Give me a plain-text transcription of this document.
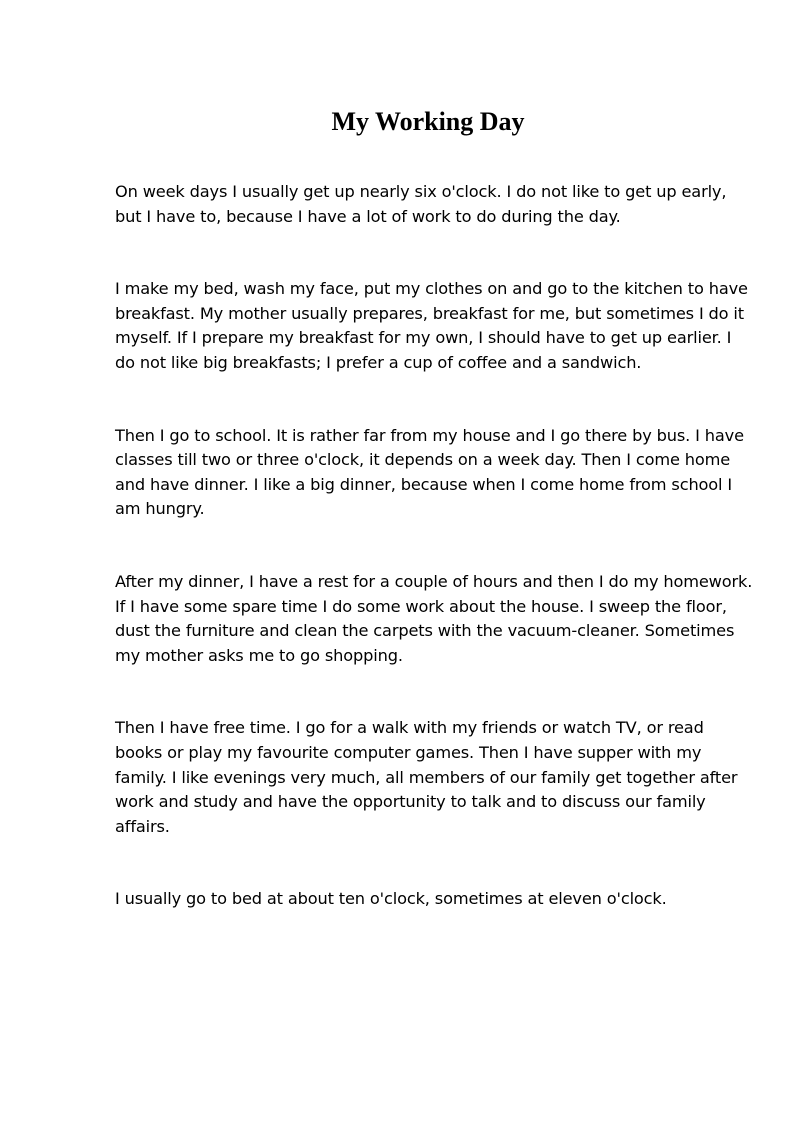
My Working Day

On week days I usually get up nearly six o'clock. I do not like to get up early, but I have to, because I have a lot of work to do during the day.

I make my bed, wash my face, put my clothes on and go to the kitchen to have breakfast. My mother usually prepares, breakfast for me, but sometimes I do it myself. If I prepare my breakfast for my own, I should have to get up earlier. I do not like big breakfasts; I prefer a cup of coffee and a sandwich.

Then I go to school. It is rather far from my house and I go there by bus. I have classes till two or three o'clock, it depends on a week day. Then I come home and have dinner. I like a big dinner, because when I come home from school I am hungry.

After my dinner, I have a rest for a couple of hours and then I do my homework. If I have some spare time I do some work about the house. I sweep the floor, dust the furniture and clean the carpets with the vacuum-cleaner. Sometimes my mother asks me to go shopping.

Then I have free time. I go for a walk with my friends or watch TV, or read books or play my favourite computer games. Then I have supper with my family. I like evenings very much, all members of our family get together after work and study and have the opportunity to talk and to discuss our family affairs.

I usually go to bed at about ten o'clock, sometimes at eleven o'clock.
